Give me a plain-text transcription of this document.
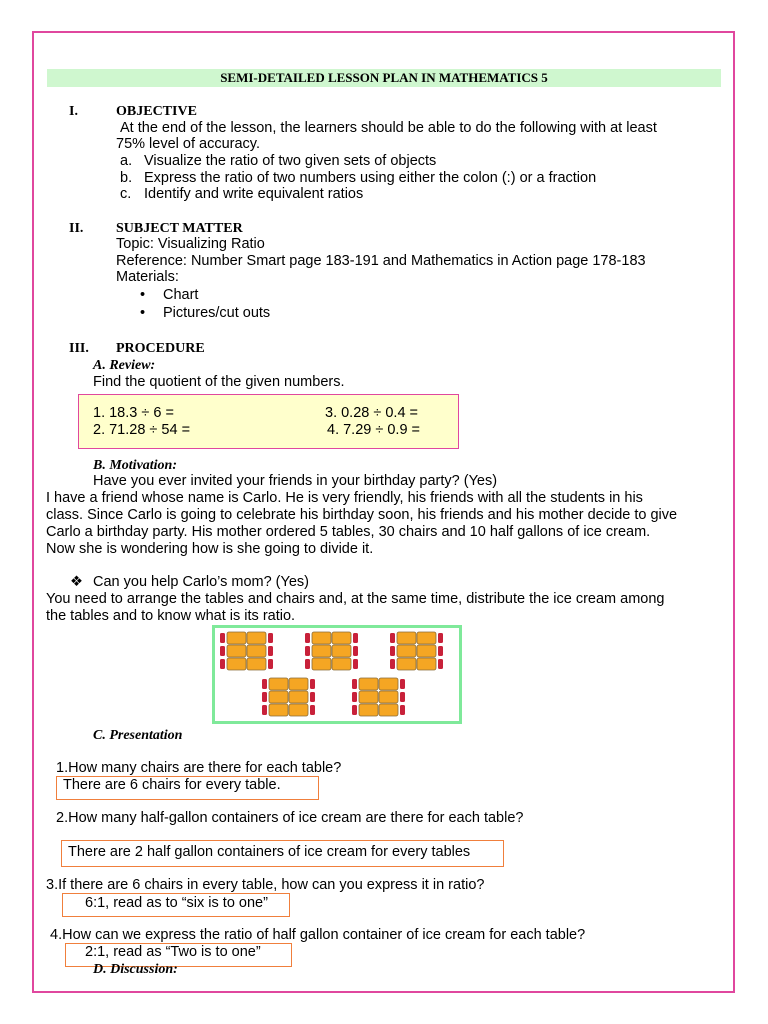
SEMI-DETAILED LESSON PLAN IN MATHEMATICS 5
I.	OBJECTIVE
At the end of the lesson, the learners should be able to do the following with at least
75% level of accuracy.
a. Visualize the ratio of two given sets of objects
b. Express the ratio of two numbers using either the colon (:) or a fraction
c. Identify and write equivalent ratios
II. SUBJECT MATTER
Topic: Visualizing Ratio
Reference: Number Smart page 183-191 and Mathematics in Action page 178-183
Materials:
• Chart
• Pictures/cut outs
III. PROCEDURE
A. Review:
Find the quotient of the given numbers.
1. 18.3 ÷ 6 =
2. 71.28 ÷ 54 =
3. 0.28 ÷ 0.4 =
4. 7.29 ÷ 0.9 =
B. Motivation:
Have you ever invited your friends in your birthday party? (Yes)
I have a friend whose name is Carlo. He is very friendly, his friends with all the students in his
class. Since Carlo is going to celebrate his birthday soon, his friends and his mother decide to give
Carlo a birthday party. His mother ordered 5 tables, 30 chairs and 10 half gallons of ice cream.
Now she is wondering how is she going to divide it.
❖ Can you help Carlo’s mom? (Yes)
You need to arrange the tables and chairs and, at the same time, distribute the ice cream among
the tables and to know what is its ratio.
C. Presentation
1.How many chairs are there for each table?
There are 6 chairs for every table.
2.How many half-gallon containers of ice cream are there for each table?
There are 2 half gallon containers of ice cream for every tables
3.If there are 6 chairs in every table, how can you express it in ratio?
6:1, read as to “six is to one”
4.How can we express the ratio of half gallon container of ice cream for each table?
2:1, read as “Two is to one”
D. Discussion:
